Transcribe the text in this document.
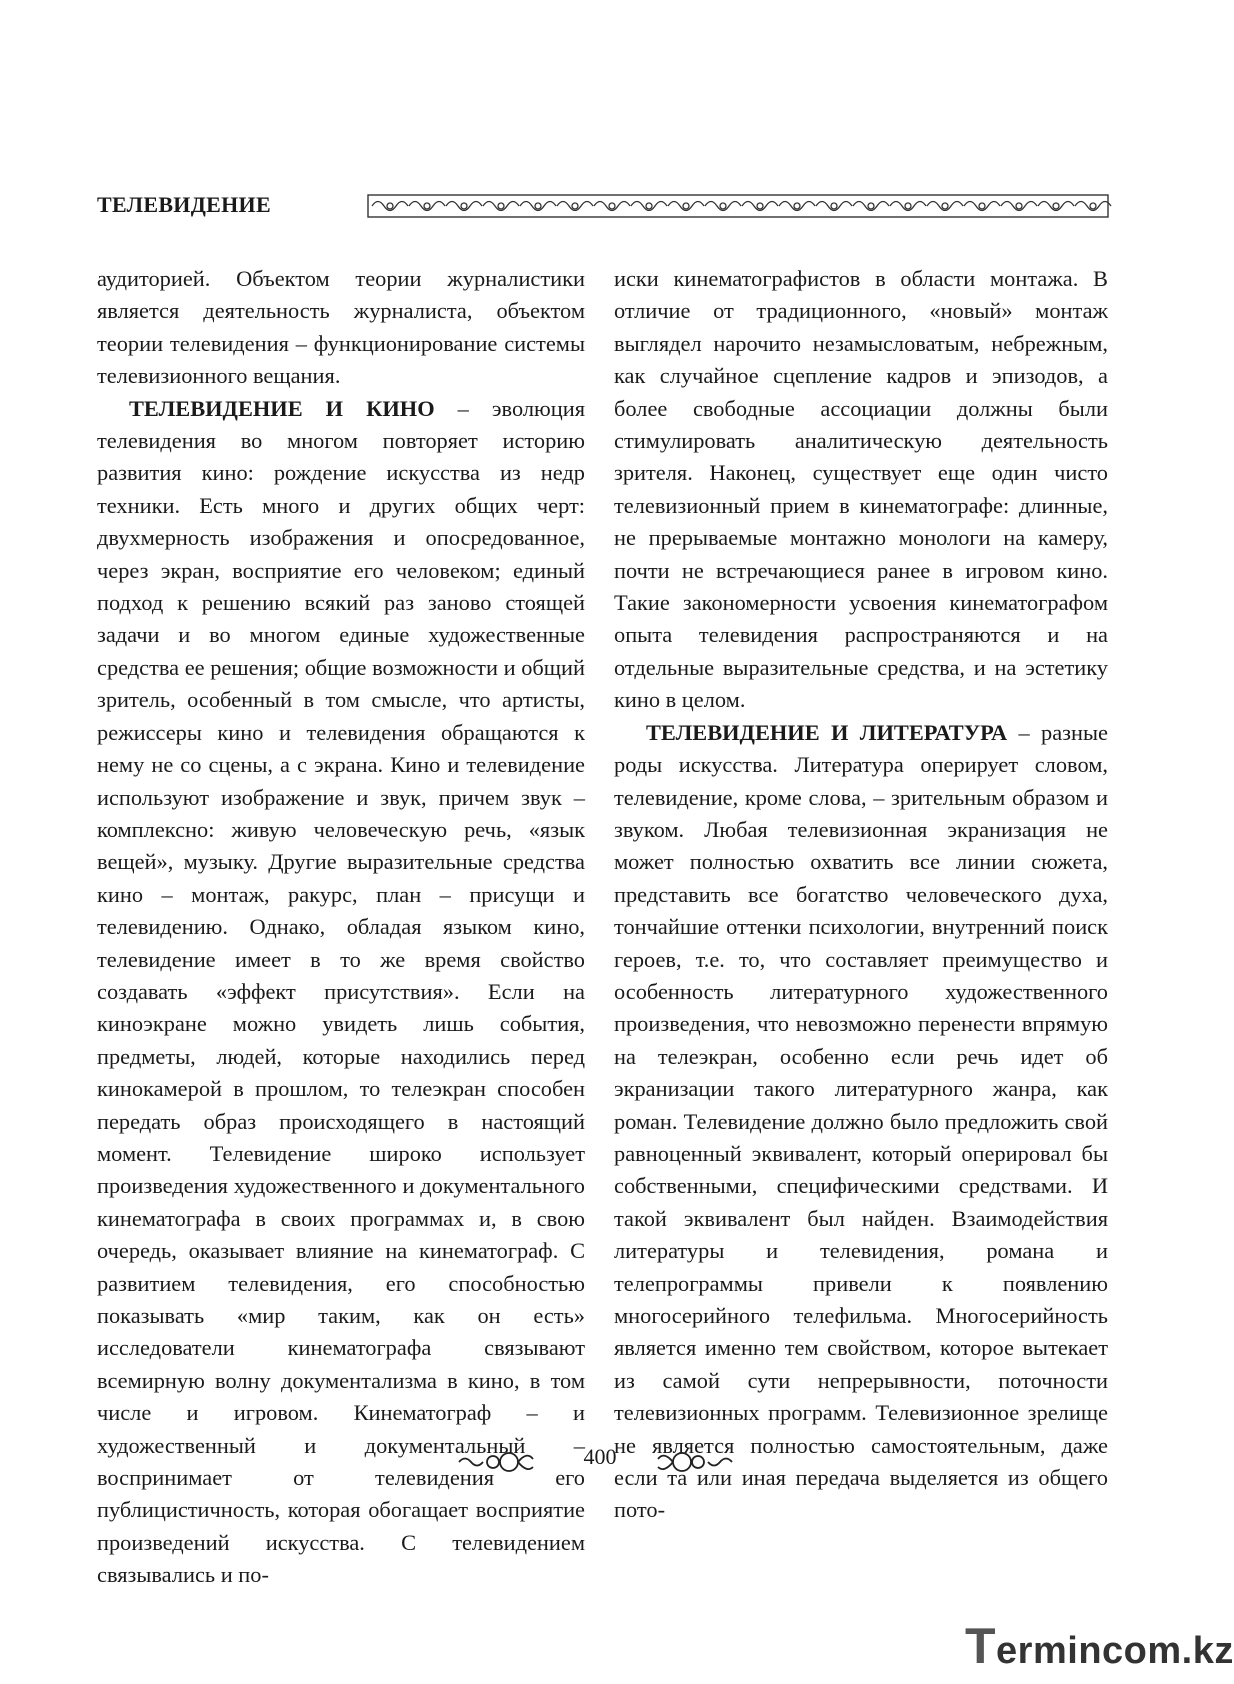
ТЕЛЕВИДЕНИЕ

аудиторией. Объектом теории журналистики является деятельность журналиста, объектом теории телевидения – функционирование системы телевизионного вещания.

ТЕЛЕВИДЕНИЕ И КИНО – эволюция телевидения во многом повторяет историю развития кино: рождение искусства из недр техники. Есть много и других общих черт: двухмерность изображения и опосредованное, через экран, восприятие его человеком; единый подход к решению всякий раз заново стоящей задачи и во многом единые художественные средства ее решения; общие возможности и общий зритель, особенный в том смысле, что артисты, режиссеры кино и телевидения обращаются к нему не со сцены, а с экрана. Кино и телевидение используют изображение и звук, причем звук – комплексно: живую человеческую речь, «язык вещей», музыку. Другие выразительные средства кино – монтаж, ракурс, план – присущи и телевидению. Однако, обладая языком кино, телевидение имеет в то же время свойство создавать «эффект присутствия». Если на киноэкране можно увидеть лишь события, предметы, людей, которые находились перед кинокамерой в прошлом, то телеэкран способен передать образ происходящего в настоящий момент. Телевидение широко использует произведения художественного и документального кинематографа в своих программах и, в свою очередь, оказывает влияние на кинематограф. С развитием телевидения, его способностью показывать «мир таким, как он есть» исследователи кинематографа связывают всемирную волну документализма в кино, в том числе и игровом. Кинематограф – и художественный и документальный – воспринимает от телевидения его публицистичность, которая обогащает восприятие произведений искусства. С телевидением связывались и по-

иски кинематографистов в области монтажа. В отличие от традиционного, «новый» монтаж выглядел нарочито незамысловатым, небрежным, как случайное сцепление кадров и эпизодов, а более свободные ассоциации должны были стимулировать аналитическую деятельность зрителя. Наконец, существует еще один чисто телевизионный прием в кинематографе: длинные, не прерываемые монтажно монологи на камеру, почти не встречающиеся ранее в игровом кино. Такие закономерности усвоения кинематографом опыта телевидения распространяются и на отдельные выразительные средства, и на эстетику кино в целом.

ТЕЛЕВИДЕНИЕ И ЛИТЕРАТУРА – разные роды искусства. Литература оперирует словом, телевидение, кроме слова, – зрительным образом и звуком. Любая телевизионная экранизация не может полностью охватить все линии сюжета, представить все богатство человеческого духа, тончайшие оттенки психологии, внутренний поиск героев, т.е. то, что составляет преимущество и особенность литературного художественного произведения, что невозможно перенести впрямую на телеэкран, особенно если речь идет об экранизации такого литературного жанра, как роман. Телевидение должно было предложить свой равноценный эквивалент, который оперировал бы собственными, специфическими средствами. И такой эквивалент был найден. Взаимодействия литературы и телевидения, романа и телепрограммы привели к появлению многосерийного телефильма. Многосерийность является именно тем свойством, которое вытекает из самой сути непрерывности, поточности телевизионных программ. Телевизионное зрелище не является полностью самостоятельным, даже если та или иная передача выделяется из общего пото-

400
Termincom.kz
